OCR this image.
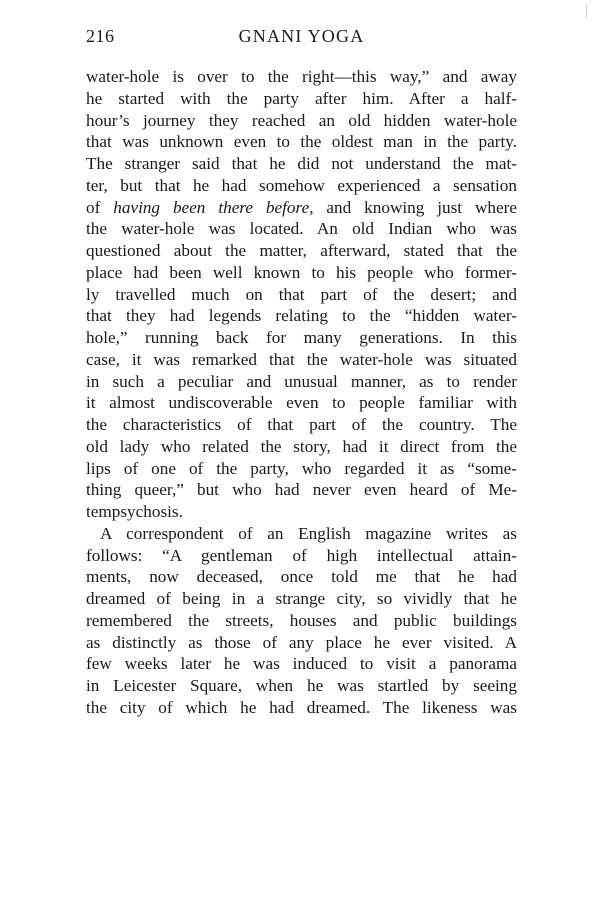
216	GNANI YOGA
water-hole is over to the right—this way,” and away
he started with the party after him. After a half-
hour’s journey they reached an old hidden water-hole
that was unknown even to the oldest man in the party.
The stranger said that he did not understand the mat-
ter, but that he had somehow experienced a sensation
of having been there before, and knowing just where
the water-hole was located. An old Indian who was
questioned about the matter, afterward, stated that the
place had been well known to his people who former-
ly travelled much on that part of the desert; and
that they had legends relating to the “hidden water-
hole,” running back for many generations. In this
case, it was remarked that the water-hole was situated
in such a peculiar and unusual manner, as to render
it almost undiscoverable even to people familiar with
the characteristics of that part of the country. The
old lady who related the story, had it direct from the
lips of one of the party, who regarded it as “some-
thing queer,” but who had never even heard of Me-
tempsychosis.
A correspondent of an English magazine writes as
follows: “A gentleman of high intellectual attain-
ments, now deceased, once told me that he had
dreamed of being in a strange city, so vividly that he
remembered the streets, houses and public buildings
as distinctly as those of any place he ever visited. A
few weeks later he was induced to visit a panorama
in Leicester Square, when he was startled by seeing
the city of which he had dreamed. The likeness was
